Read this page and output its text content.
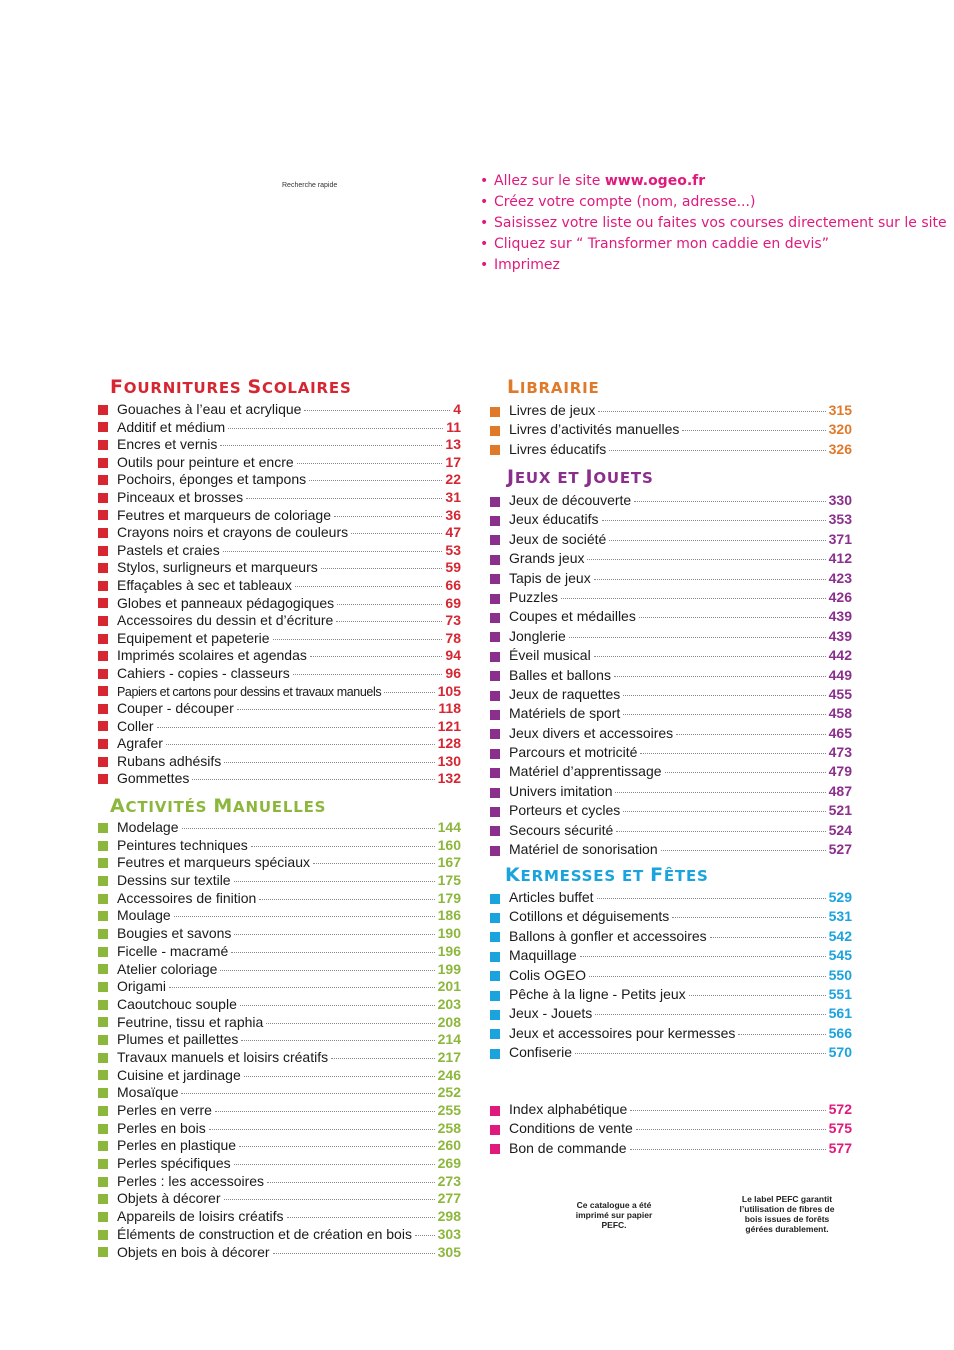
Recherche rapide	• Allez sur le site www.ogeo.fr
• Créez votre compte (nom, adresse...)
• Saisissez votre liste ou faites vos courses directement sur le site
• Cliquez sur “ Transformer mon caddie en devis”
• Imprimez
FOURNITURES SCOLAIRES
Gouaches à l’eau et acrylique	4
Additif et médium	11
Encres et vernis	13
Outils pour peinture et encre	17
Pochoirs, éponges et tampons	22
Pinceaux et brosses	31
Feutres et marqueurs de coloriage	36
Crayons noirs et crayons de couleurs	47
Pastels et craies	53
Stylos, surligneurs et marqueurs	59
Effaçables à sec et tableaux	66
Globes et panneaux pédagogiques	69
Accessoires du dessin et d’écriture	73
Equipement et papeterie	78
Imprimés scolaires et agendas	94
Cahiers - copies - classeurs	96
Papiers et cartons pour dessins et travaux manuels	105
Couper - découper	118
Coller	121
Agrafer	128
Rubans adhésifs	130
Gommettes	132
ACTIVITÉS MANUELLES
Modelage	144
Peintures techniques	160
Feutres et marqueurs spéciaux	167
Dessins sur textile	175
Accessoires de finition	179
Moulage	186
Bougies et savons	190
Ficelle - macramé	196
Atelier coloriage	199
Origami	201
Caoutchouc souple	203
Feutrine, tissu et raphia	208
Plumes et paillettes	214
Travaux manuels et loisirs créatifs	217
Cuisine et jardinage	246
Mosaïque	252
Perles en verre	255
Perles en bois	258
Perles en plastique	260
Perles spécifiques	269
Perles : les accessoires	273
Objets à décorer	277
Appareils de loisirs créatifs	298
Éléments de construction et de création en bois 303
Objets en bois à décorer	305
LIBRAIRIE
Livres de jeux	315
Livres d’activités manuelles	320
Livres éducatifs	326
JEUX ET JOUETS
Jeux de découverte	330
Jeux éducatifs	353
Jeux de société	371
Grands jeux	412
Tapis de jeux	423
Puzzles	426
Coupes et médailles	439
Jonglerie	439
Éveil musical	442
Balles et ballons	449
Jeux de raquettes	455
Matériels de sport	458
Jeux divers et accessoires	465
Parcours et motricité	473
Matériel d’apprentissage	479
Univers imitation	487
Porteurs et cycles	521
Secours sécurité	524
Matériel de sonorisation	527
KERMESSES ET FÊTES
Articles buffet	529
Cotillons et déguisements	531
Ballons à gonfler et accessoires	542
Maquillage	545
Colis OGEO	550
Pêche à la ligne - Petits jeux	551
Jeux - Jouets	561
Jeux et accessoires pour kermesses	566
Confiserie	570
Index alphabétique	572
Conditions de vente	575
Bon de commande	577
Ce catalogue a été imprimé sur papier PEFC.
Le label PEFC garantit l’utilisation de fibres de bois issues de forêts gérées durablement.
